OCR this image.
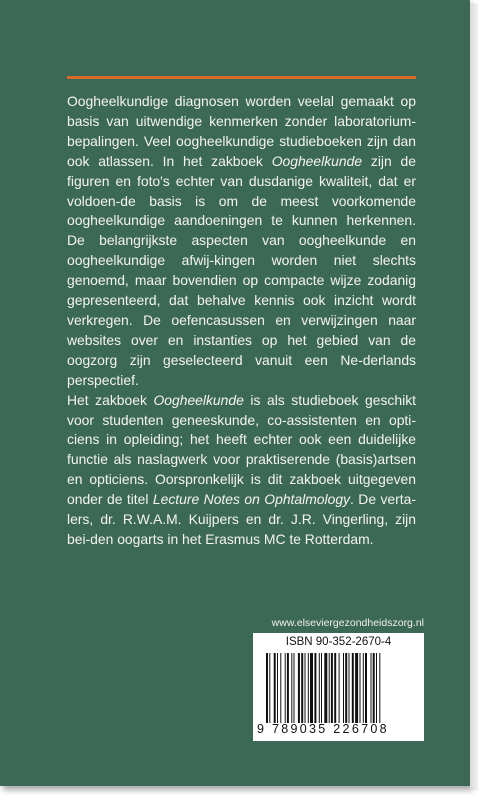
Oogheelkundige diagnosen worden veelal gemaakt op basis van uitwendige kenmerken zonder laboratorium-bepalingen. Veel oogheelkundige studieboeken zijn dan ook atlassen. In het zakboek Oogheelkunde zijn de figuren en foto's echter van dusdanige kwaliteit, dat er voldoen-de basis is om de meest voorkomende oogheelkundige aandoeningen te kunnen herkennen. De belangrijkste aspecten van oogheelkunde en oogheelkundige afwij-kingen worden niet slechts genoemd, maar bovendien op compacte wijze zodanig gepresenteerd, dat behalve kennis ook inzicht wordt verkregen. De oefencasussen en verwijzingen naar websites over en instanties op het gebied van de oogzorg zijn geselecteerd vanuit een Ne-derlands perspectief.

Het zakboek Oogheelkunde is als studieboek geschikt voor studenten geneeskunde, co-assistenten en opti-ciens in opleiding; het heeft echter ook een duidelijke functie als naslagwerk voor praktiserende (basis)artsen en opticiens. Oorspronkelijk is dit zakboek uitgegeven onder de titel Lecture Notes on Ophtalmology. De verta-lers, dr. R.W.A.M. Kuijpers en dr. J.R. Vingerling, zijn bei-den oogarts in het Erasmus MC te Rotterdam.

www.elseviergezondheidszorg.nl
ISBN 90-352-2670-4
9 789035 226708
